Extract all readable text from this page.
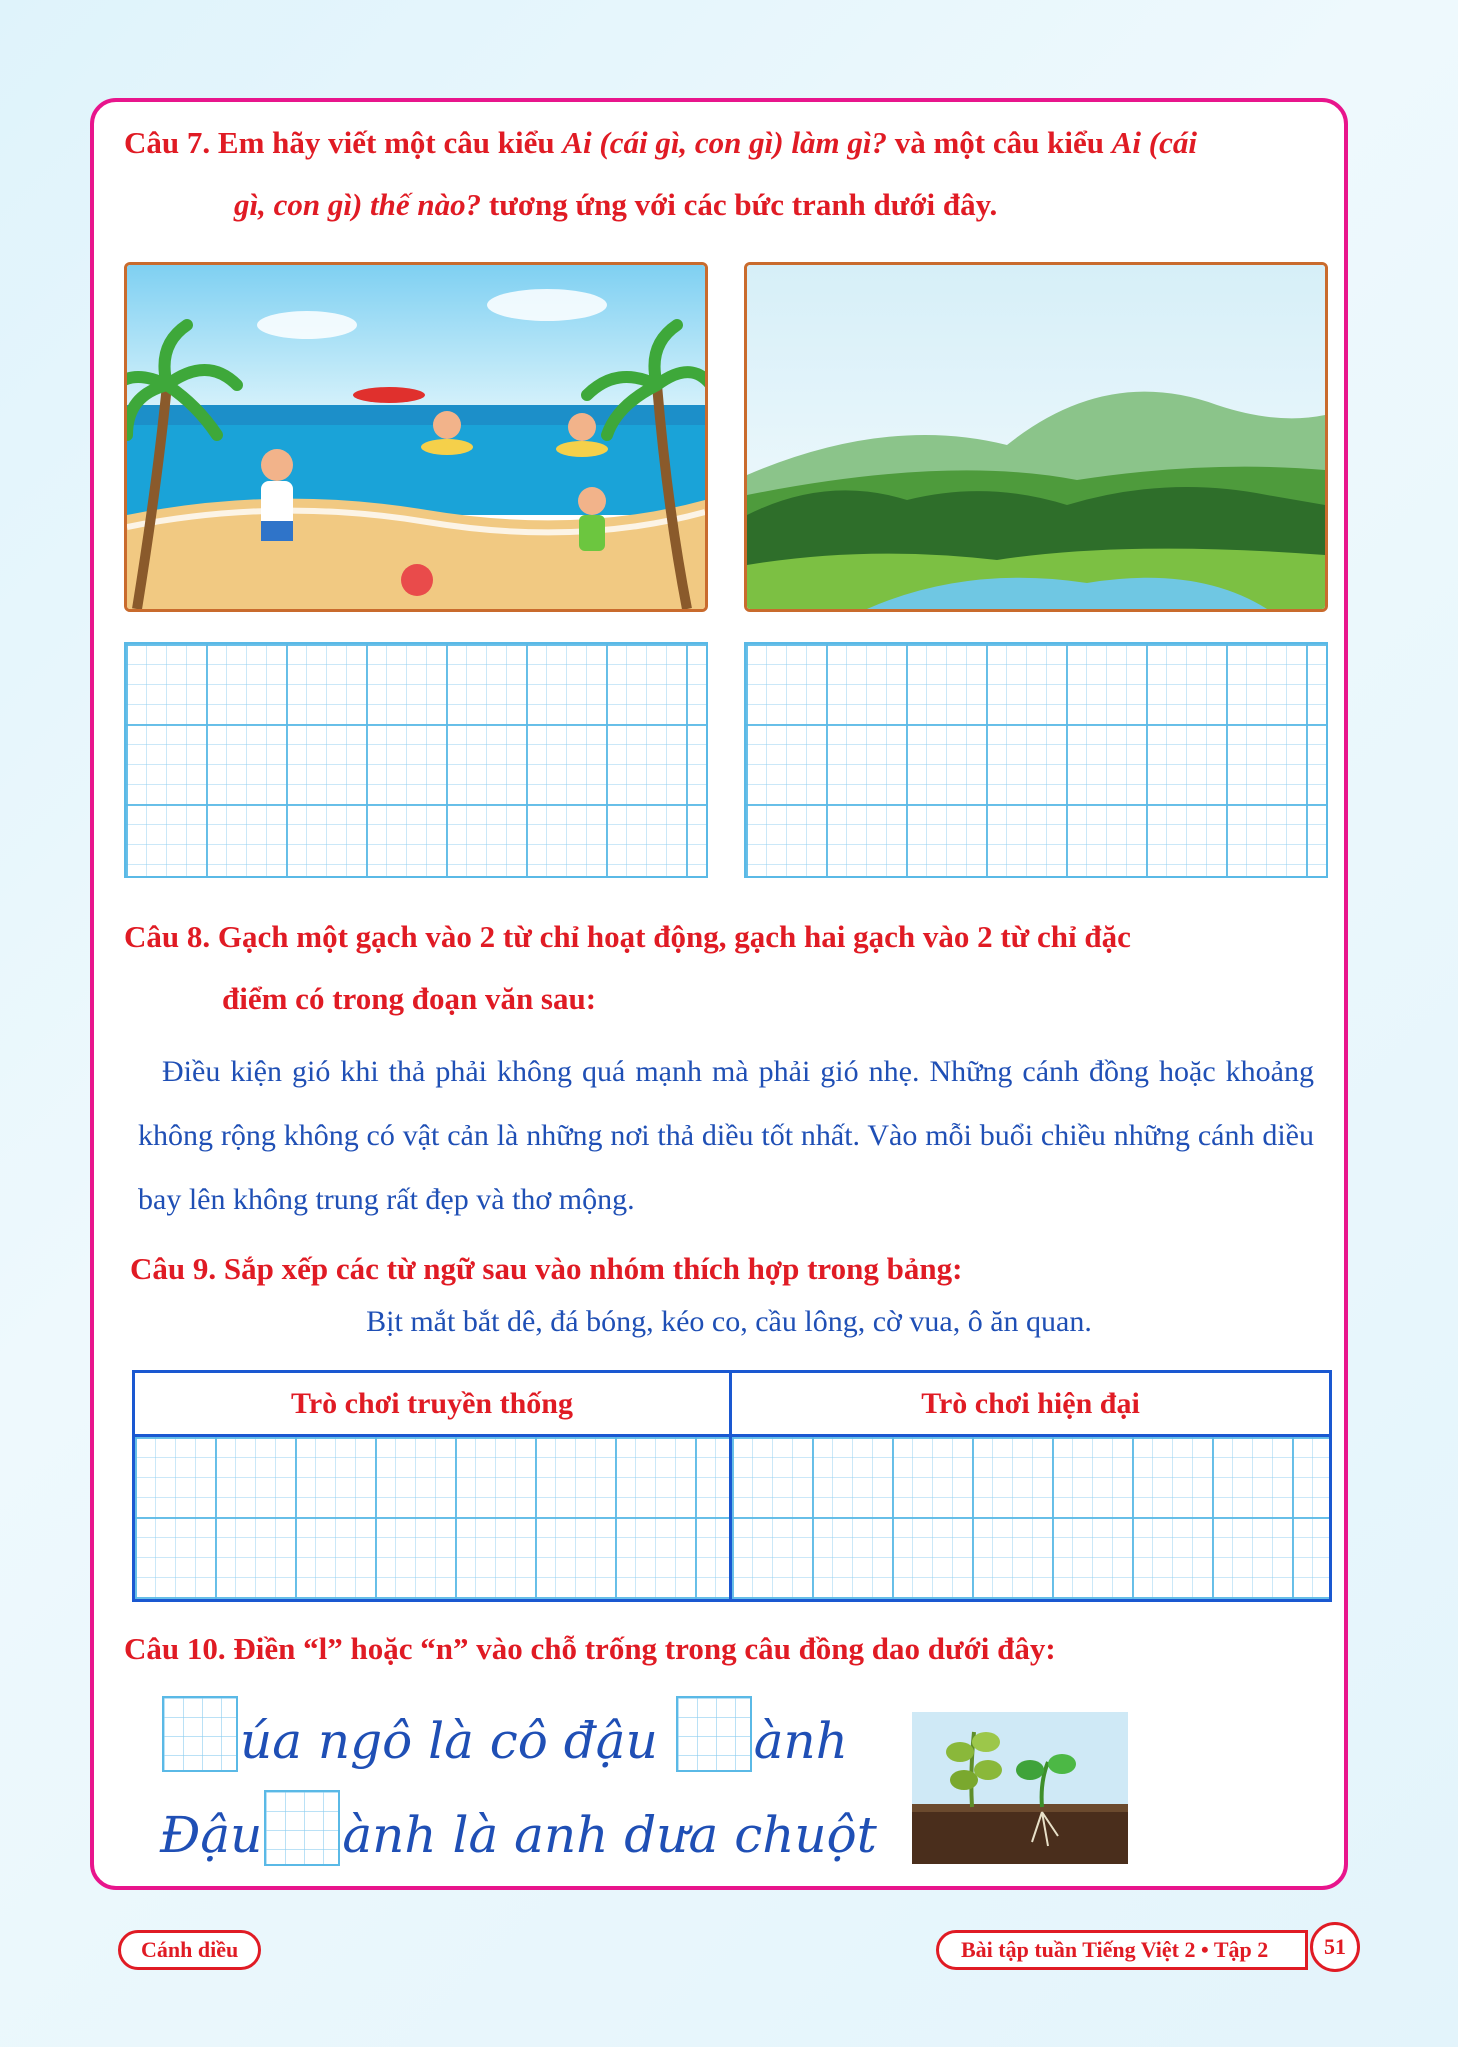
Câu 7. Em hãy viết một câu kiểu Ai (cái gì, con gì) làm gì? và một câu kiểu Ai (cái
gì, con gì) thế nào? tương ứng với các bức tranh dưới đây.
Câu 8. Gạch một gạch vào 2 từ chỉ hoạt động, gạch hai gạch vào 2 từ chỉ đặc
điểm có trong đoạn văn sau:
Điều kiện gió khi thả phải không quá mạnh mà phải gió nhẹ. Những cánh đồng hoặc khoảng không rộng không có vật cản là những nơi thả diều tốt nhất. Vào mỗi buổi chiều những cánh diều bay lên không trung rất đẹp và thơ mộng.
Câu 9. Sắp xếp các từ ngữ sau vào nhóm thích hợp trong bảng:
Bịt mắt bắt dê, đá bóng, kéo co, cầu lông, cờ vua, ô ăn quan.
Trò chơi truyền thống	Trò chơi hiện đại
Câu 10. Điền “l” hoặc “n” vào chỗ trống trong câu đồng dao dưới đây:
úa ngô là cô đậu ành
Đậu ành là anh dưa chuột
Cánh diều	Bài tập tuần Tiếng Việt 2 • Tập 2	51
